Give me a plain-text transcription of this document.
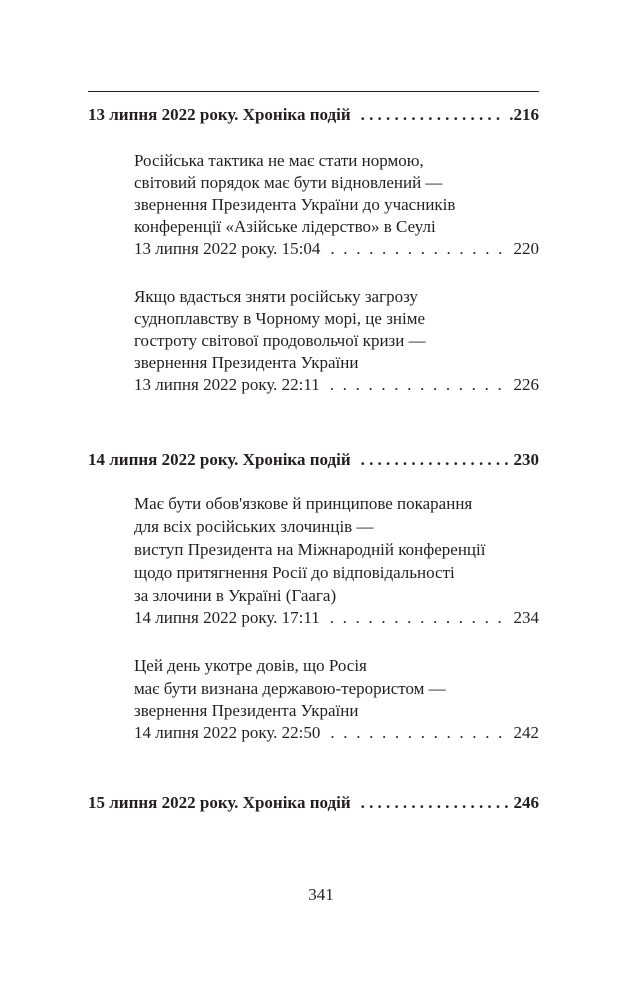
13 липня 2022 року. Хроніка подій .....	.216
Російська тактика не має стати нормою,
світовий порядок має бути відновлений —
звернення Президента України до учасників
конференції «Азійське лідерство» в Сеулі
13 липня 2022 року. 15:04 . . .	220
Якщо вдасться зняти російську загрозу
судноплавству в Чорному морі, це зніме
гостроту світової продовольчої кризи —
звернення Президента України
13 липня 2022 року. 22:11 . . .	226
14 липня 2022 року. Хроніка подій .....	230
Має бути обов'язкове й принципове покарання
для всіх російських злочинців —
виступ Президента на Міжнародній конференції
щодо притягнення Росії до відповідальності
за злочини в Україні (Гаага)
14 липня 2022 року. 17:11 . . .	234
Цей день укотре довів, що Росія
має бути визнана державою-терористом —
звернення Президента України
14 липня 2022 року. 22:50 . . .	242
15 липня 2022 року. Хроніка подій .....	246
341
